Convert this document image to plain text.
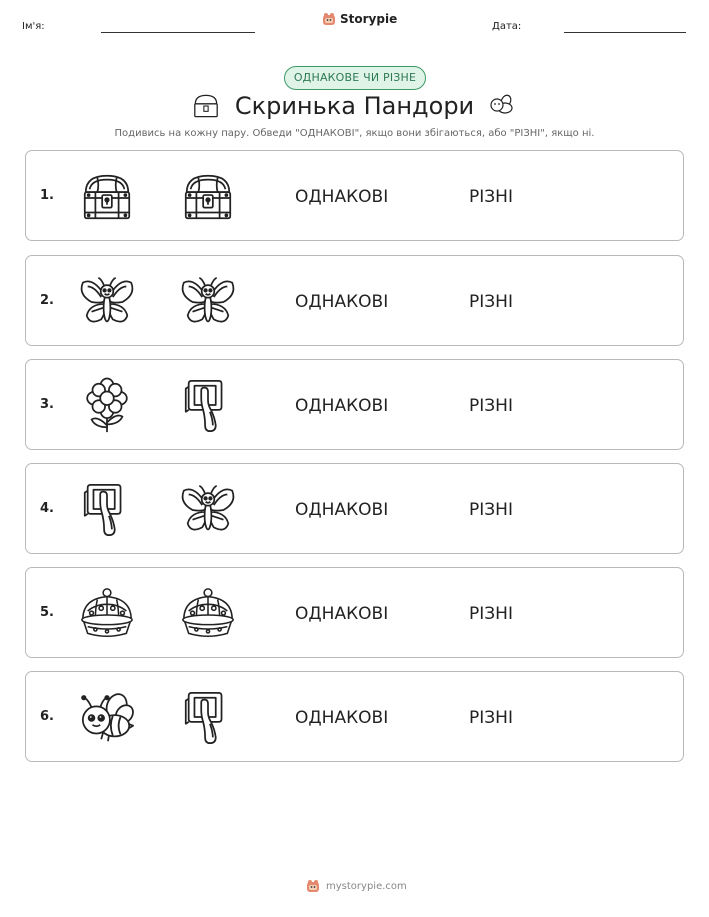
Ім'я:
Storypie
Дата:
ОДНАКОВЕ ЧИ РІЗНЕ
Скринька Пандори
Подивись на кожну пару. Обведи "ОДНАКОВІ", якщо вони збігаються, або "РІЗНІ", якщо ні.
1.	ОДНАКОВІ	РІЗНІ
2.	ОДНАКОВІ	РІЗНІ
3.	ОДНАКОВІ	РІЗНІ
4.	ОДНАКОВІ	РІЗНІ
5.	ОДНАКОВІ	РІЗНІ
6.	ОДНАКОВІ	РІЗНІ
mystorypie.com
